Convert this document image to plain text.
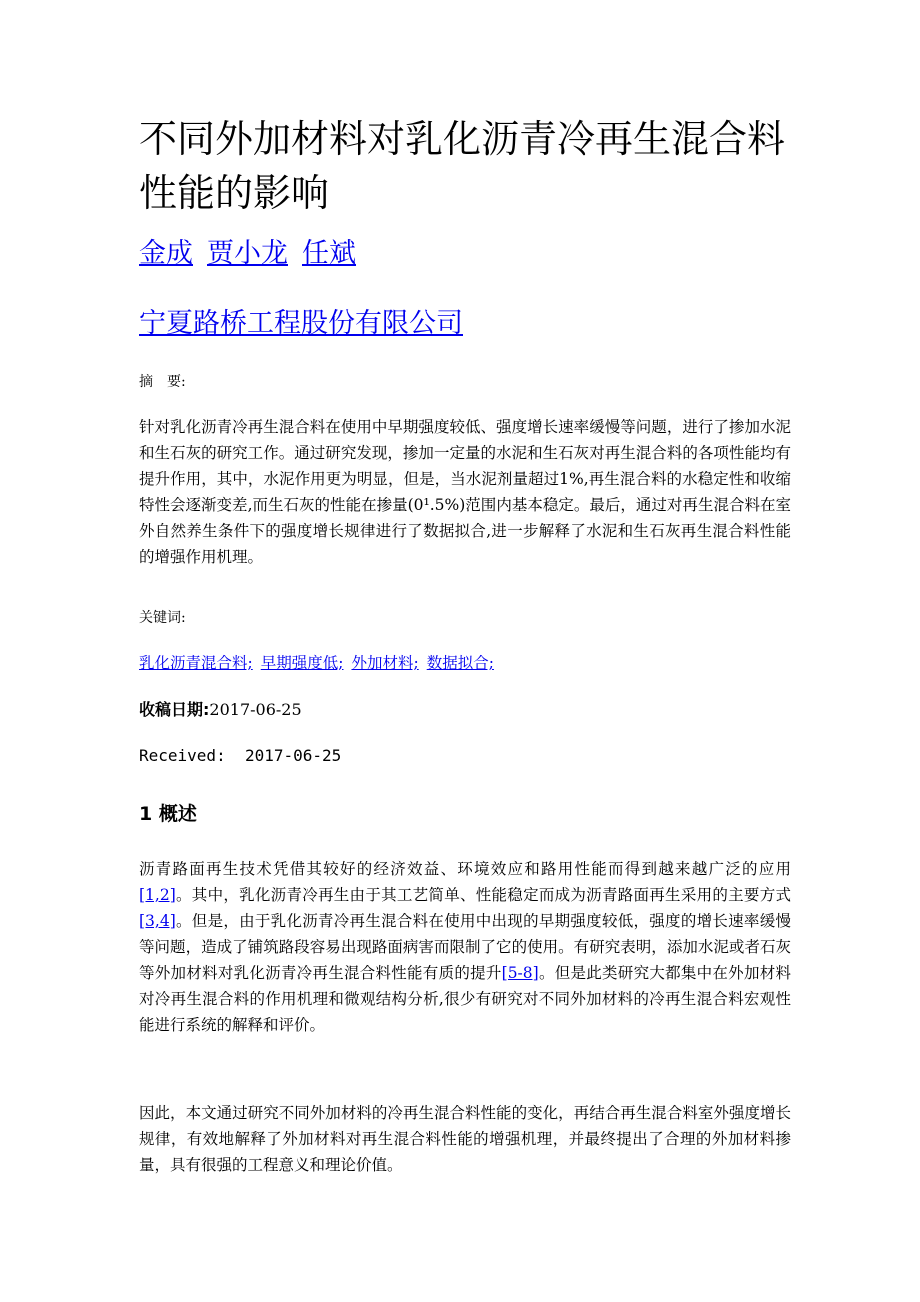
不同外加材料对乳化沥青冷再生混合料性能的影响
金成 贾小龙 任斌
宁夏路桥工程股份有限公司
摘　要:

针对乳化沥青冷再生混合料在使用中早期强度较低、强度增长速率缓慢等问题，进行了掺加水泥和生石灰的研究工作。通过研究发现，掺加一定量的水泥和生石灰对再生混合料的各项性能均有提升作用，其中，水泥作用更为明显，但是，当水泥剂量超过1%,再生混合料的水稳定性和收缩特性会逐渐变差,而生石灰的性能在掺量(0¹.5%)范围内基本稳定。最后，通过对再生混合料在室外自然养生条件下的强度增长规律进行了数据拟合,进一步解释了水泥和生石灰再生混合料性能的增强作用机理。

关键词:
乳化沥青混合料; 早期强度低; 外加材料; 数据拟合;
收稿日期:2017-06-25
Received: 2017-06-25
1 概述

沥青路面再生技术凭借其较好的经济效益、环境效应和路用性能而得到越来越广泛的应用[1,2]。其中，乳化沥青冷再生由于其工艺简单、性能稳定而成为沥青路面再生采用的主要方式[3,4]。但是，由于乳化沥青冷再生混合料在使用中出现的早期强度较低，强度的增长速率缓慢等问题，造成了铺筑路段容易出现路面病害而限制了它的使用。有研究表明，添加水泥或者石灰等外加材料对乳化沥青冷再生混合料性能有质的提升[5-8]。但是此类研究大都集中在外加材料对冷再生混合料的作用机理和微观结构分析,很少有研究对不同外加材料的冷再生混合料宏观性能进行系统的解释和评价。

因此，本文通过研究不同外加材料的冷再生混合料性能的变化，再结合再生混合料室外强度增长规律，有效地解释了外加材料对再生混合料性能的增强机理，并最终提出了合理的外加材料掺量，具有很强的工程意义和理论价值。
